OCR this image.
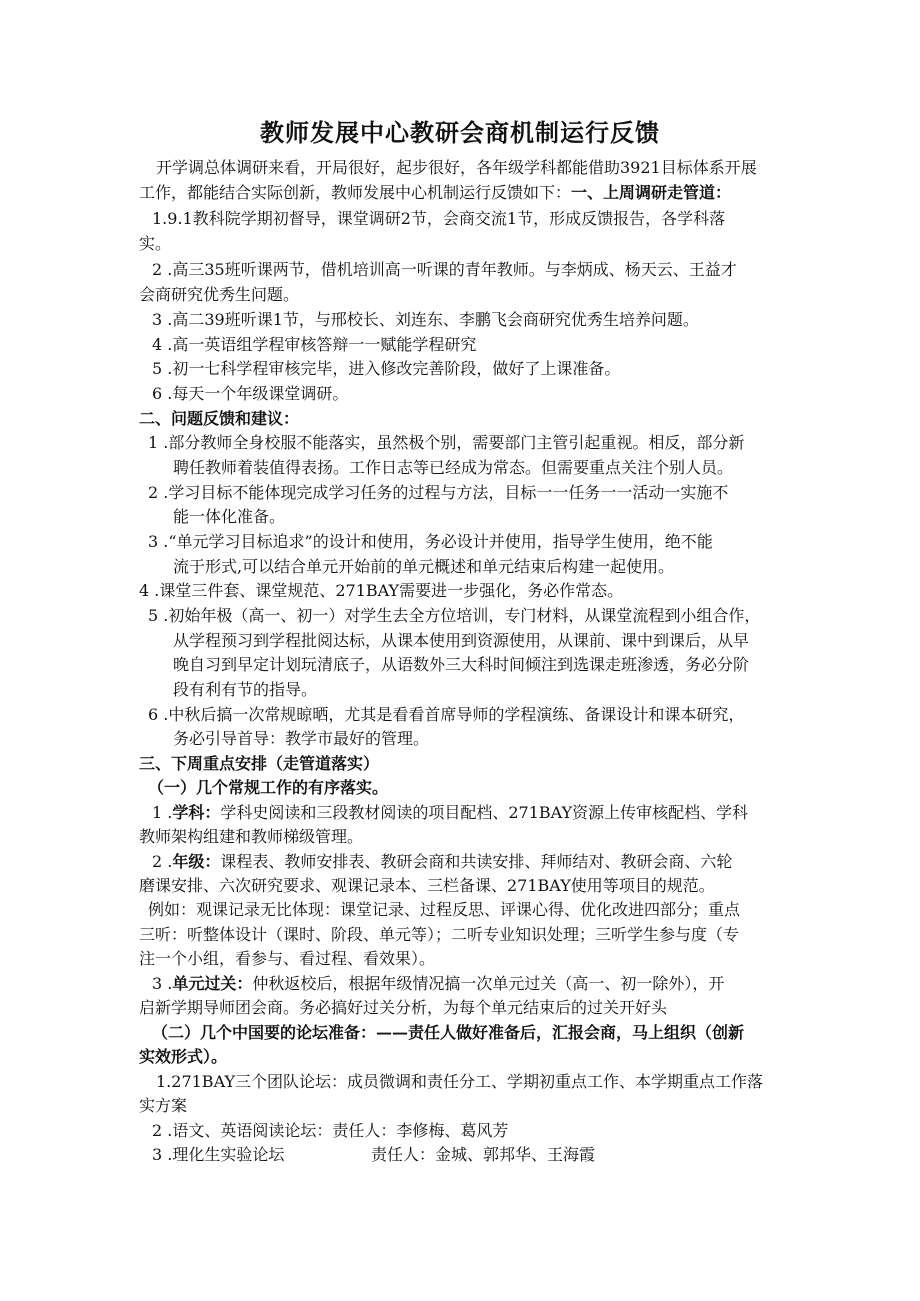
教师发展中心教研会商机制运行反馈
开学调总体调研来看，开局很好，起步很好，各年级学科都能借助3921目标体系开展
工作，都能结合实际创新，教师发展中心机制运行反馈如下：一、上周调研走管道：
1.9.1教科院学期初督导，课堂调研2节，会商交流1节，形成反馈报告，各学科落
实。
2 .高三35班听课两节，借机培训高一听课的青年教师。与李炳成、杨天云、王益才
会商研究优秀生问题。
3 .高二39班听课1节，与邢校长、刘连东、李鹏飞会商研究优秀生培养问题。
4 .高一英语组学程审核答辩一一赋能学程研究
5 .初一七科学程审核完毕，进入修改完善阶段，做好了上课准备。
6 .每天一个年级课堂调研。
二、问题反馈和建议：
1 .部分教师全身校服不能落实，虽然极个别，需要部门主管引起重视。相反，部分新
聘任教师着装值得表扬。工作日志等已经成为常态。但需要重点关注个别人员。
2 .学习目标不能体现完成学习任务的过程与方法，目标一一任务一一活动一实施不
能一体化准备。
3 .“单元学习目标追求”的设计和使用，务必设计并使用，指导学生使用，绝不能
流于形式,可以结合单元开始前的单元概述和单元结束后构建一起使用。
4 .课堂三件套、课堂规范、271BAY需要进一步强化，务必作常态。
5 .初始年极（高一、初一）对学生去全方位培训，专门材料，从课堂流程到小组合作，
从学程预习到学程批阅达标，从课本使用到资源使用，从课前、课中到课后，从早
晚自习到早定计划玩清底子，从语数外三大科时间倾注到选课走班渗透，务必分阶
段有利有节的指导。
6 .中秋后搞一次常规晾晒，尤其是看看首席导师的学程演练、备课设计和课本研究，
务必引导首导：教学市最好的管理。
三、下周重点安排（走管道落实）
（一）几个常规工作的有序落实。
1 .学科：学科史阅读和三段教材阅读的项目配档、271BAY资源上传审核配档、学科
教师架构组建和教师梯级管理。
2 .年级：课程表、教师安排表、教研会商和共读安排、拜师结对、教研会商、六轮
磨课安排、六次研究要求、观课记录本、三栏备课、271BAY使用等项目的规范。
例如：观课记录无比体现：课堂记录、过程反思、评课心得、优化改进四部分；重点
三听：听整体设计（课时、阶段、单元等）；二听专业知识处理；三听学生参与度（专
注一个小组，看参与、看过程、看效果）。
3 .单元过关：仲秋返校后，根据年级情况搞一次单元过关（高一、初一除外），开
启新学期导师团会商。务必搞好过关分析，为每个单元结束后的过关开好头
（二）几个中国要的论坛准备：——责任人做好准备后，汇报会商，马上组织（创新
实效形式）。
1.271BAY三个团队论坛：成员微调和责任分工、学期初重点工作、本学期重点工作落
实方案
2 .语文、英语阅读论坛：责任人：李修梅、葛风芳
3 .理化生实验论坛	责任人：金城、郭邦华、王海霞
